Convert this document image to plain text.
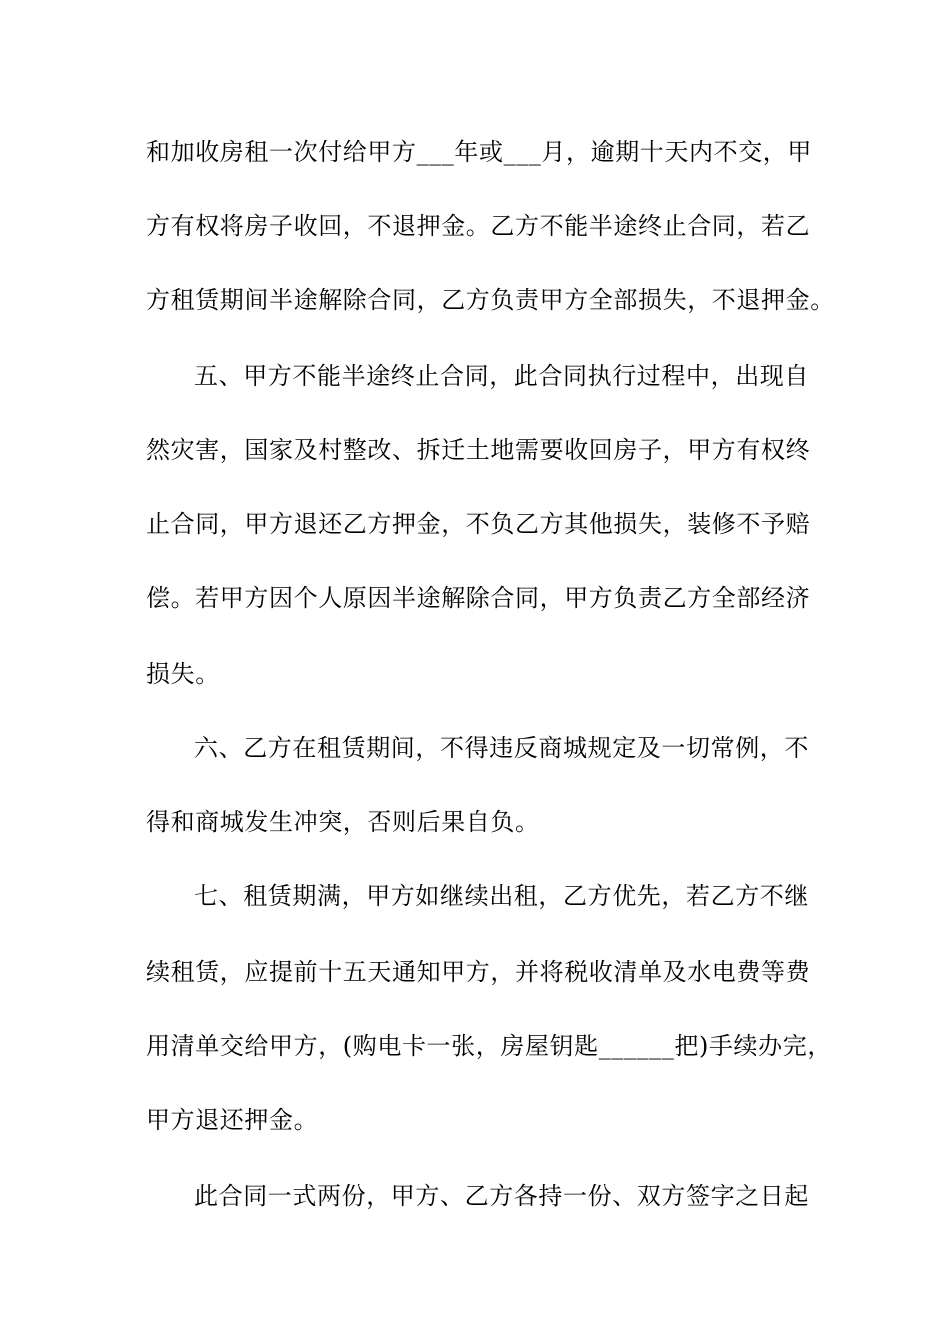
和加收房租一次付给甲方___年或___月，逾期十天内不交，甲
方有权将房子收回，不退押金。乙方不能半途终止合同，若乙
方租赁期间半途解除合同，乙方负责甲方全部损失，不退押金。
五、甲方不能半途终止合同，此合同执行过程中，出现自
然灾害，国家及村整改、拆迁土地需要收回房子，甲方有权终
止合同，甲方退还乙方押金，不负乙方其他损失，装修不予赔
偿。若甲方因个人原因半途解除合同，甲方负责乙方全部经济
损失。
六、乙方在租赁期间，不得违反商城规定及一切常例，不
得和商城发生冲突，否则后果自负。
七、租赁期满，甲方如继续出租，乙方优先，若乙方不继
续租赁，应提前十五天通知甲方，并将税收清单及水电费等费
用清单交给甲方，(购电卡一张，房屋钥匙______把)手续办完，
甲方退还押金。
此合同一式两份，甲方、乙方各持一份、双方签字之日起
